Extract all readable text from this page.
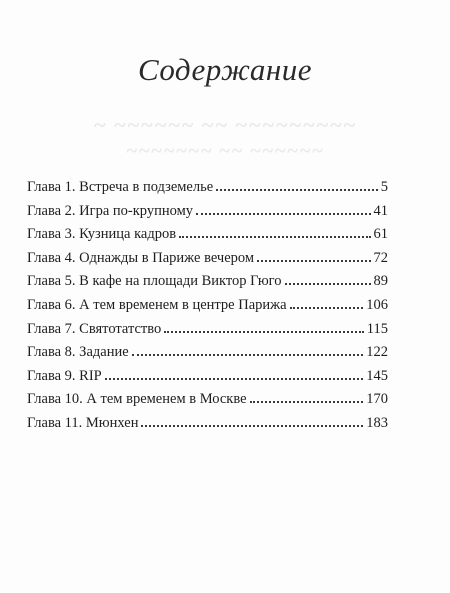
~ ~~~~~~ ~~ ~~~~~~~~~
~~~~~~~ ~~ ~~~~~~
Содержание
Глава 1. Встреча в подземелье	5
Глава 2. Игра по-крупному	41
Глава 3. Кузница кадров	61
Глава 4. Однажды в Париже вечером	72
Глава 5. В кафе на площади Виктор Гюго	89
Глава 6. А тем временем в центре Парижа	106
Глава 7. Святотатство	115
Глава 8. Задание	122
Глава 9. RIP	145
Глава 10. А тем временем в Москве	170
Глава 11. Мюнхен	183
